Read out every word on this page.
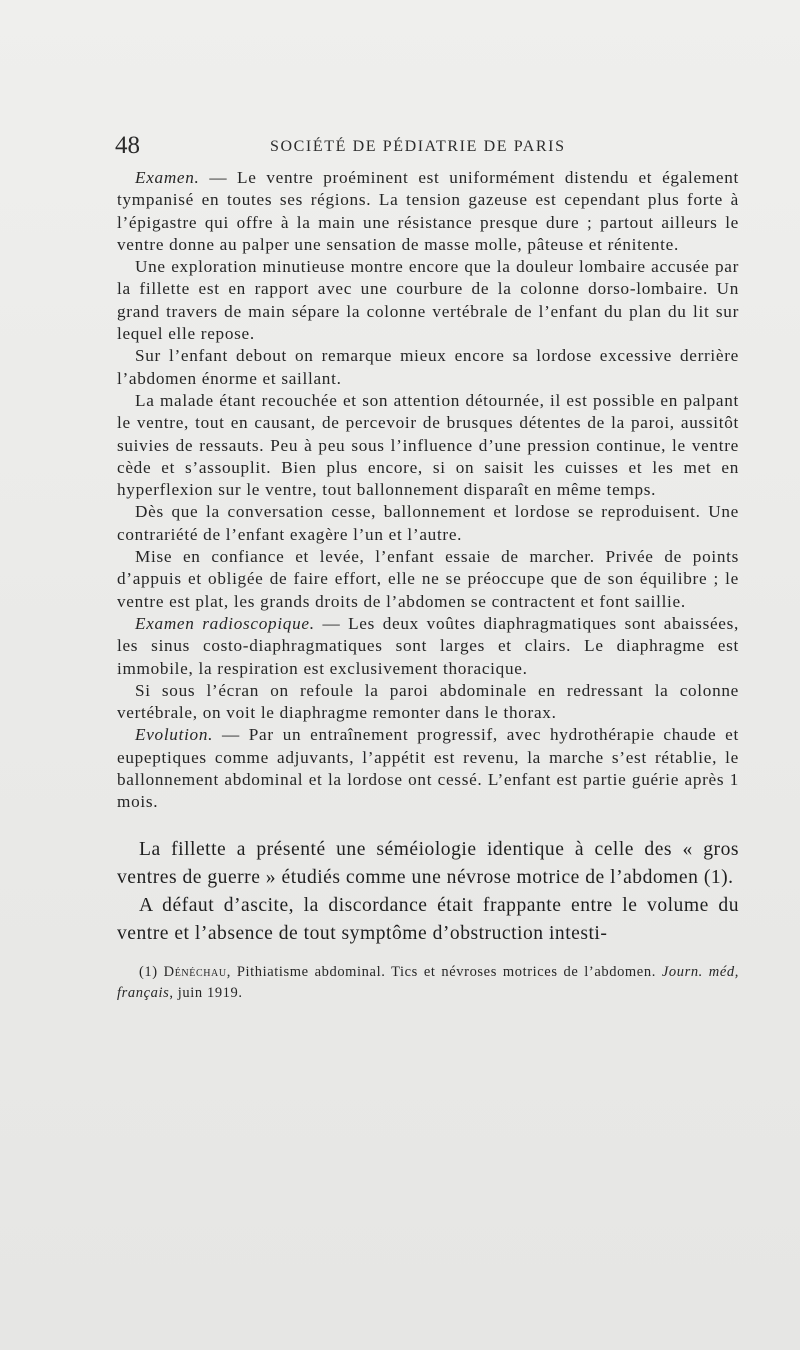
48	SOCIÉTÉ DE PÉDIATRIE DE PARIS

Examen. — Le ventre proéminent est uniformément distendu et également tympanisé en toutes ses régions. La tension gazeuse est cependant plus forte à l’épigastre qui offre à la main une résistance presque dure ; partout ailleurs le ventre donne au palper une sensation de masse molle, pâteuse et rénitente.

Une exploration minutieuse montre encore que la douleur lombaire accusée par la fillette est en rapport avec une courbure de la colonne dorso-lombaire. Un grand travers de main sépare la colonne vertébrale de l’enfant du plan du lit sur lequel elle repose.

Sur l’enfant debout on remarque mieux encore sa lordose excessive derrière l’abdomen énorme et saillant.

La malade étant recouchée et son attention détournée, il est possible en palpant le ventre, tout en causant, de percevoir de brusques détentes de la paroi, aussitôt suivies de ressauts. Peu à peu sous l’influence d’une pression continue, le ventre cède et s’assouplit. Bien plus encore, si on saisit les cuisses et les met en hyperflexion sur le ventre, tout ballonnement disparaît en même temps.

Dès que la conversation cesse, ballonnement et lordose se reproduisent. Une contrariété de l’enfant exagère l’un et l’autre.

Mise en confiance et levée, l’enfant essaie de marcher. Privée de points d’appuis et obligée de faire effort, elle ne se préoccupe que de son équilibre ; le ventre est plat, les grands droits de l’abdomen se contractent et font saillie.

Examen radioscopique. — Les deux voûtes diaphragmatiques sont abaissées, les sinus costo-diaphragmatiques sont larges et clairs. Le diaphragme est immobile, la respiration est exclusivement thoracique.

Si sous l’écran on refoule la paroi abdominale en redressant la colonne vertébrale, on voit le diaphragme remonter dans le thorax.

Evolution. — Par un entraînement progressif, avec hydrothérapie chaude et eupeptiques comme adjuvants, l’appétit est revenu, la marche s’est rétablie, le ballonnement abdominal et la lordose ont cessé. L’enfant est partie guérie après 1 mois.

La fillette a présenté une séméiologie identique à celle des « gros ventres de guerre » étudiés comme une névrose motrice de l’abdomen (1).

A défaut d’ascite, la discordance était frappante entre le volume du ventre et l’absence de tout symptôme d’obstruction intesti-

(1) Dénéchau, Pithiatisme abdominal. Tics et névroses motrices de l’abdomen. Journ. méd, français, juin 1919.
